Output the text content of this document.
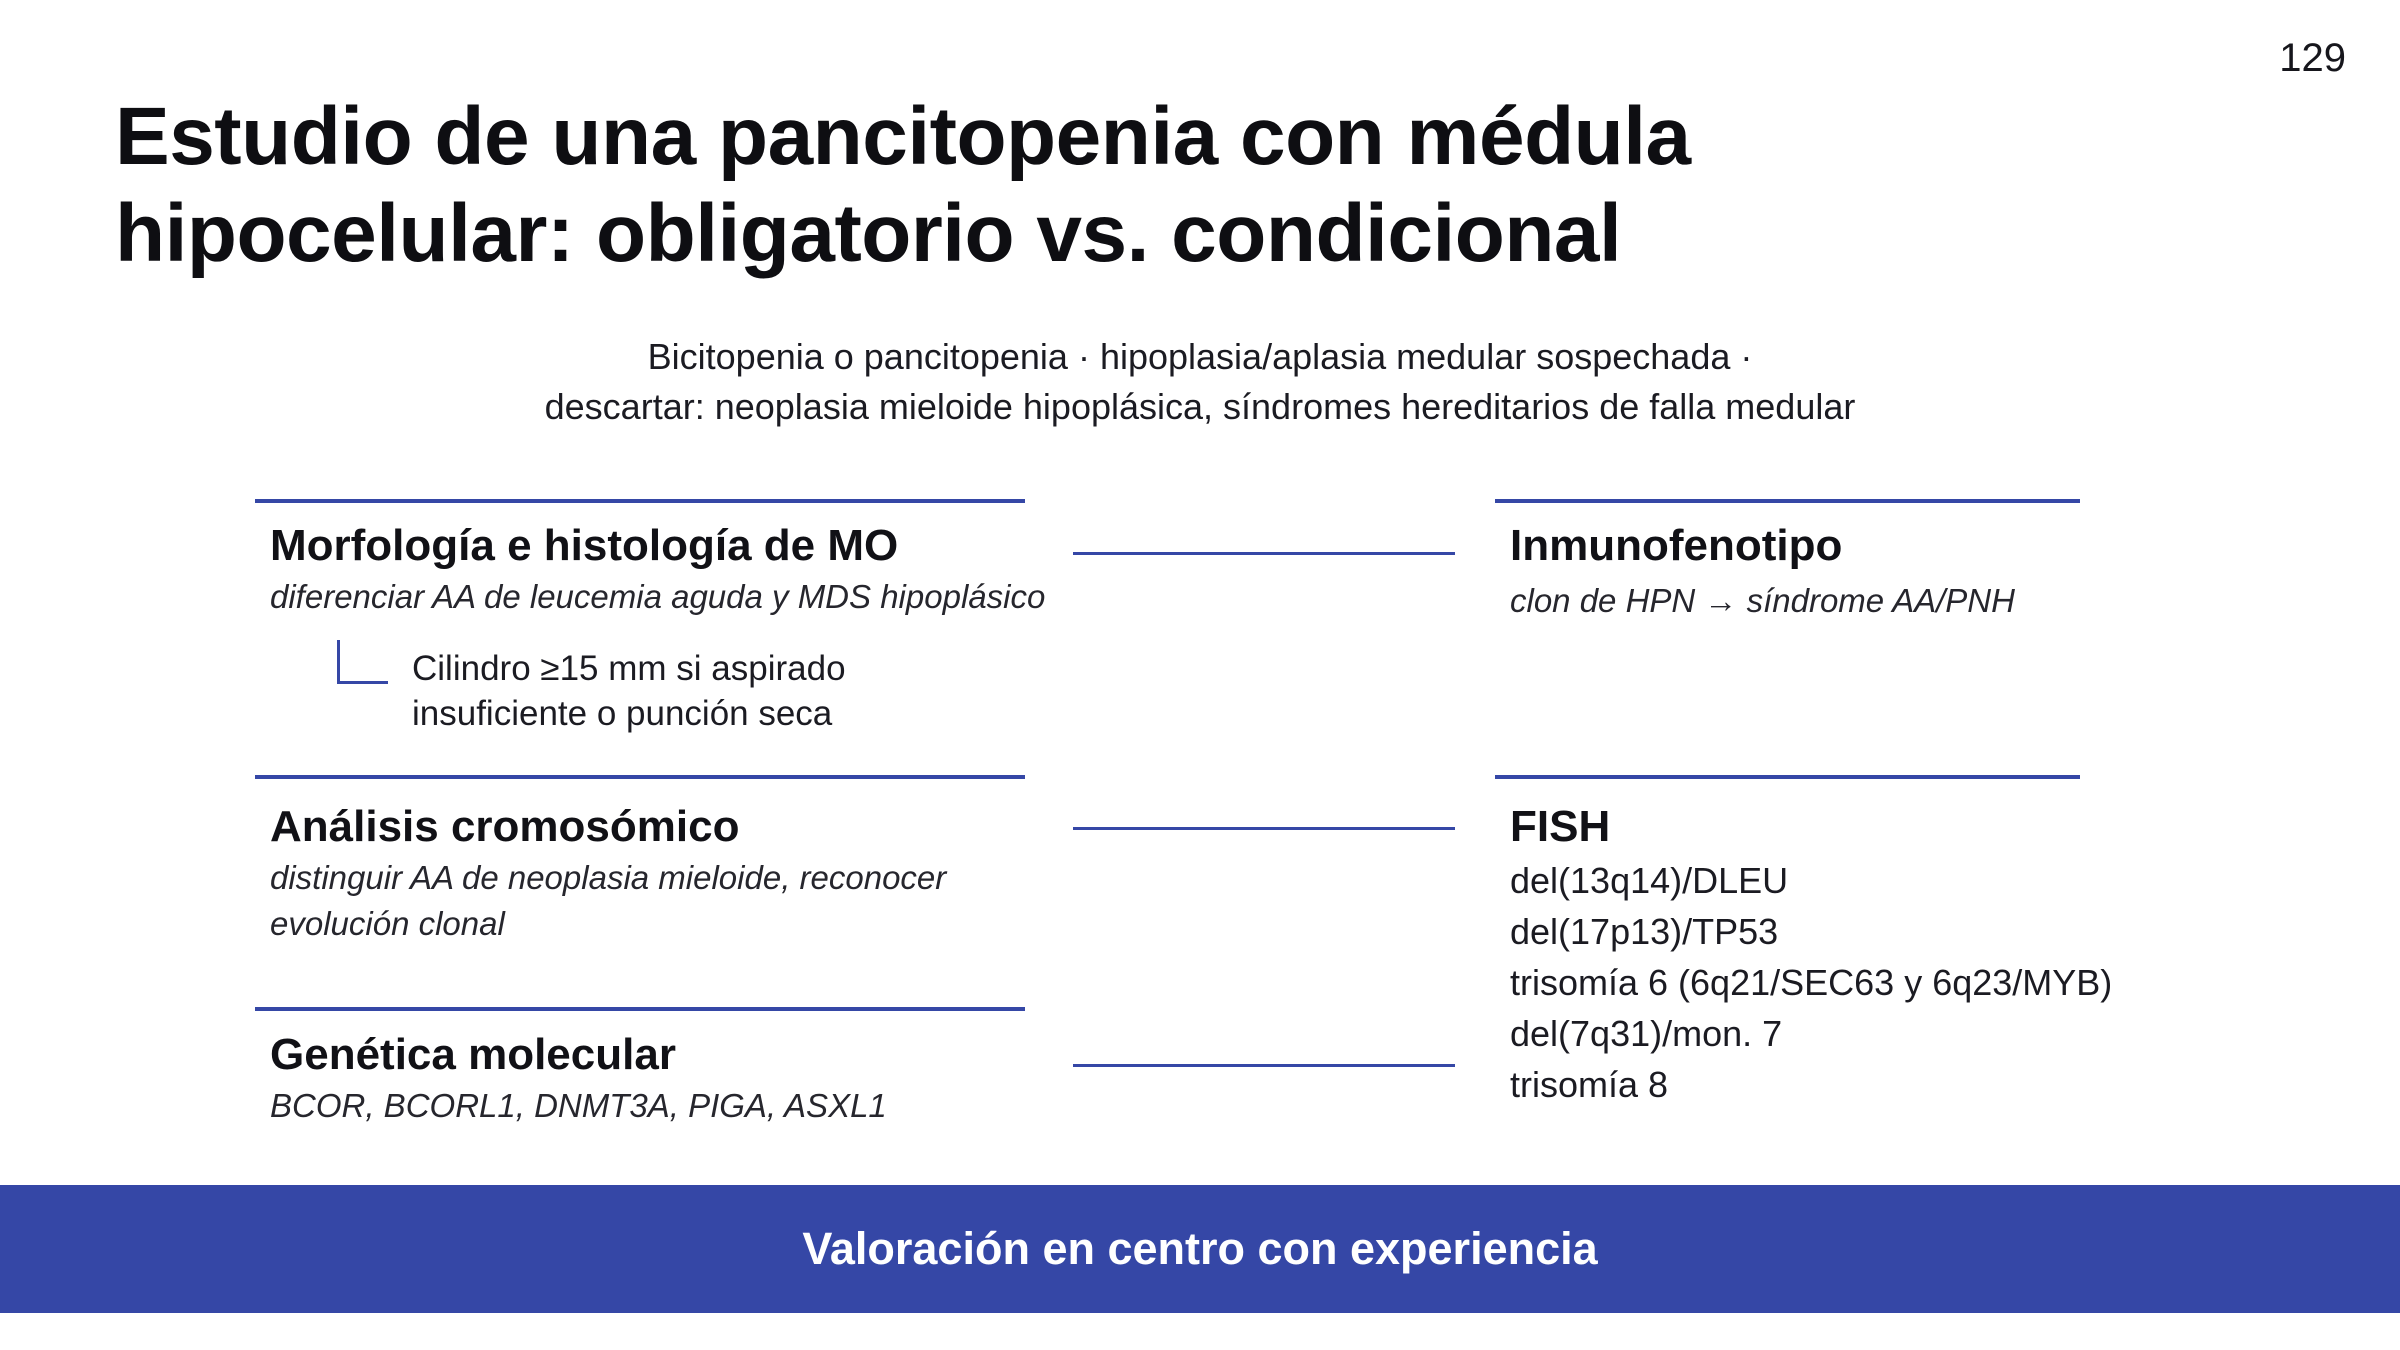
129
Estudio de una pancitopenia con médula
hipocelular: obligatorio vs. condicional
Bicitopenia o pancitopenia · hipoplasia/aplasia medular sospechada ·
descartar: neoplasia mieloide hipoplásica, síndromes hereditarios de falla medular
Morfología e histología de MO
diferenciar AA de leucemia aguda y MDS hipoplásico
Cilindro ≥15 mm si aspirado
insuficiente o punción seca
Análisis cromosómico
distinguir AA de neoplasia mieloide, reconocer
evolución clonal
Genética molecular
BCOR, BCORL1, DNMT3A, PIGA, ASXL1
Inmunofenotipo
clon de HPN → síndrome AA/PNH
FISH
del(13q14)/DLEU
del(17p13)/TP53
trisomía 6 (6q21/SEC63 y 6q23/MYB)
del(7q31)/mon. 7
trisomía 8
Valoración en centro con experiencia
